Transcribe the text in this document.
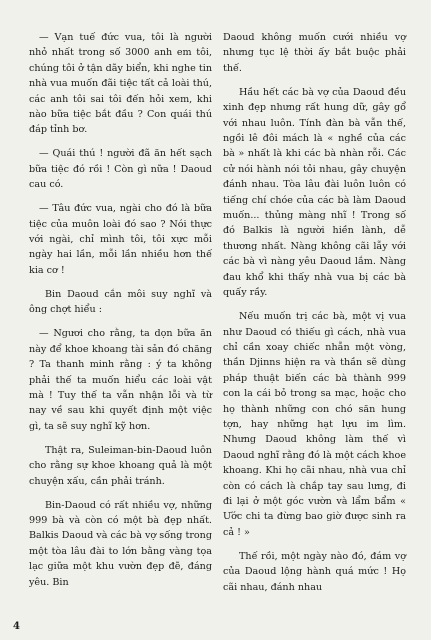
— Vạn tuế đức vua, tôi là người nhỏ nhất trong số 3000 anh em tôi, chúng tôi ở tận dãy biển, khi nghe tin nhà vua muốn đãi tiệc tất cả loài thú, các anh tôi sai tôi đến hỏi xem, khi nào bữa tiệc bắt đầu ? Con quái thú đáp tỉnh bơ.

— Quái thú ! người đã ăn hết sạch bữa tiệc đó rồi ! Còn gì nữa ! Daoud cau có.

— Tâu đức vua, ngài cho đó là bữa tiệc của muôn loài đó sao ? Nói thực với ngài, chỉ mình tôi, tôi xực mỗi ngày hai lần, mỗi lần nhiều hơn thế kia cơ !

Bin Daoud cắn môi suy nghĩ và ông chợt hiểu :

— Ngươi cho rằng, ta dọn bữa ăn này để khoe khoang tài sản đó chăng ? Ta thanh minh rằng : ý ta không phải thế ta muốn hiểu các loài vật mà ! Tuy thế ta vẫn nhận lỗi và từ nay về sau khi quyết định một việc gì, ta sẽ suy nghĩ kỹ hơn.

Thật ra, Suleiman-bin-Daoud luôn cho rằng sự khoe khoang quả là một chuyện xấu, cần phải tránh.

Bin-Daoud có rất nhiều vợ, những 999 bà và còn có một bà đẹp nhất. Balkis Daoud và các bà vợ sống trong một tòa lâu đài to lớn bằng vàng tọa lạc giữa một khu vườn đẹp đẽ, đáng yêu. Bin

Daoud không muốn cưới nhiều vợ nhưng tục lệ thời ấy bắt buộc phải thế.

Hầu hết các bà vợ của Daoud đều xinh đẹp nhưng rất hung dữ, gây gổ với nhau luôn. Tính đàn bà vẫn thế, ngồi lê đôi mách là « nghề của các bà » nhất là khi các bà nhàn rỗi. Các cử nói hành nói tỏi nhau, gây chuyện đánh nhau. Tòa lâu đài luôn luôn có tiếng chí chóe của các bà làm Daoud muốn... thủng màng nhĩ ! Trong số đó Balkis là người hiền lành, dễ thương nhất. Nàng không cãi lẫy với các bà vì nàng yêu Daoud lắm. Nàng đau khổ khi thấy nhà vua bị các bà quấy rầy.

Nếu muốn trị các bà, một vị vua như Daoud có thiếu gì cách, nhà vua chỉ cần xoay chiếc nhẫn một vòng, thần Djinns hiện ra và thần sẽ dùng pháp thuật biến các bà thành 999 con la cái bỏ trong sa mạc, hoặc cho họ thành những con chó săn hung tợn, hay những hạt lựu im lìm. Nhưng Daoud không làm thế vì Daoud nghĩ rằng đó là một cách khoe khoang. Khi họ cãi nhau, nhà vua chỉ còn có cách là chắp tay sau lưng, đi đi lại ở một góc vườn và lẩm bẩm « Ước chi ta đừng bao giờ được sinh ra cả ! »

Thế rồi, một ngày nào đó, đám vợ của Daoud lộng hành quá mức ! Họ cãi nhau, đánh nhau

4
